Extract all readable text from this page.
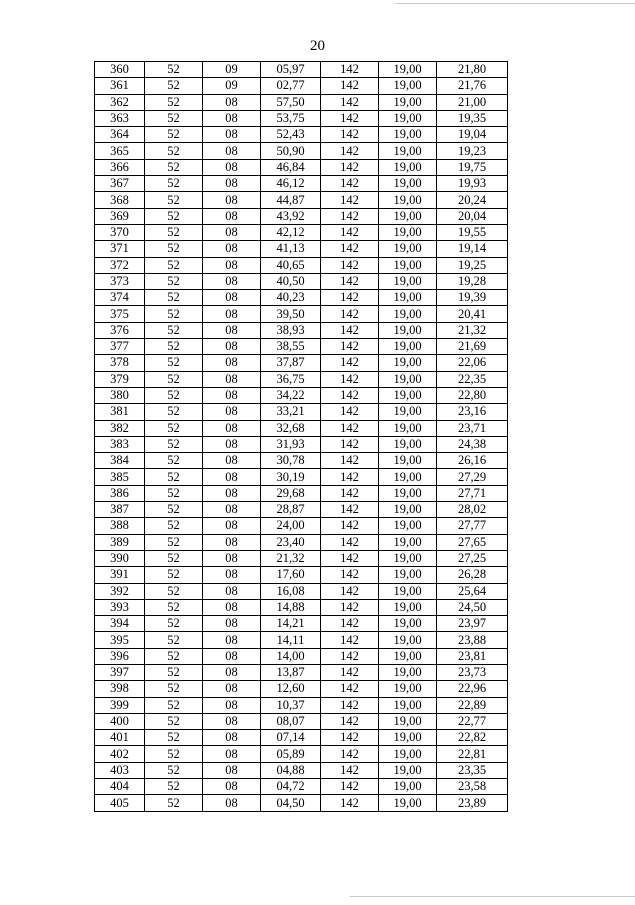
20
360	52	09	05,97	142	19,00	21,80
361	52	09	02,77	142	19,00	21,76
362	52	08	57,50	142	19,00	21,00
363	52	08	53,75	142	19,00	19,35
364	52	08	52,43	142	19,00	19,04
365	52	08	50,90	142	19,00	19,23
366	52	08	46,84	142	19,00	19,75
367	52	08	46,12	142	19,00	19,93
368	52	08	44,87	142	19,00	20,24
369	52	08	43,92	142	19,00	20,04
370	52	08	42,12	142	19,00	19,55
371	52	08	41,13	142	19,00	19,14
372	52	08	40,65	142	19,00	19,25
373	52	08	40,50	142	19,00	19,28
374	52	08	40,23	142	19,00	19,39
375	52	08	39,50	142	19,00	20,41
376	52	08	38,93	142	19,00	21,32
377	52	08	38,55	142	19,00	21,69
378	52	08	37,87	142	19,00	22,06
379	52	08	36,75	142	19,00	22,35
380	52	08	34,22	142	19,00	22,80
381	52	08	33,21	142	19,00	23,16
382	52	08	32,68	142	19,00	23,71
383	52	08	31,93	142	19,00	24,38
384	52	08	30,78	142	19,00	26,16
385	52	08	30,19	142	19,00	27,29
386	52	08	29,68	142	19,00	27,71
387	52	08	28,87	142	19,00	28,02
388	52	08	24,00	142	19,00	27,77
389	52	08	23,40	142	19,00	27,65
390	52	08	21,32	142	19,00	27,25
391	52	08	17,60	142	19,00	26,28
392	52	08	16,08	142	19,00	25,64
393	52	08	14,88	142	19,00	24,50
394	52	08	14,21	142	19,00	23,97
395	52	08	14,11	142	19,00	23,88
396	52	08	14,00	142	19,00	23,81
397	52	08	13,87	142	19,00	23,73
398	52	08	12,60	142	19,00	22,96
399	52	08	10,37	142	19,00	22,89
400	52	08	08,07	142	19,00	22,77
401	52	08	07,14	142	19,00	22,82
402	52	08	05,89	142	19,00	22,81
403	52	08	04,88	142	19,00	23,35
404	52	08	04,72	142	19,00	23,58
405	52	08	04,50	142	19,00	23,89
